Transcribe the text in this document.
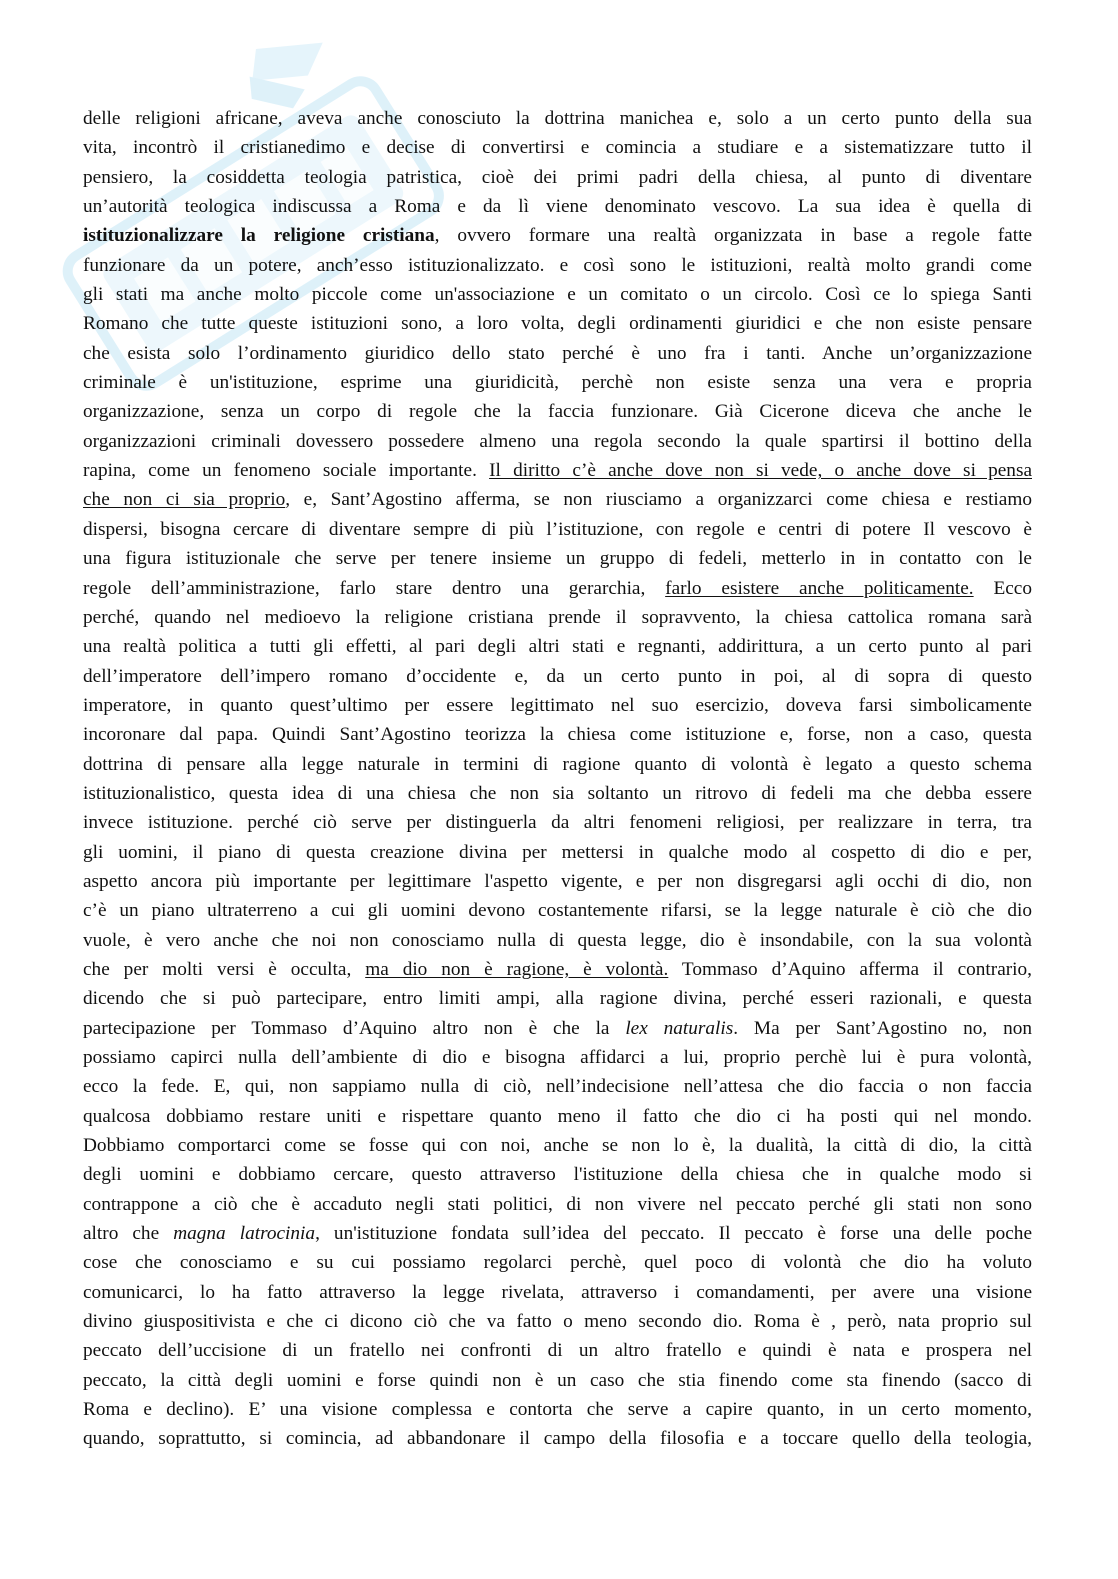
delle religioni africane, aveva anche conosciuto la dottrina manichea e, solo a un certo punto della sua
vita, incontrò il cristianedimo e decise di convertirsi e comincia a studiare e a sistematizzare tutto il
pensiero, la cosiddetta teologia patristica, cioè dei primi padri della chiesa, al punto di diventare
un’autorità teologica indiscussa a Roma e da lì viene denominato vescovo. La sua idea è quella di
istituzionalizzare la religione cristiana, ovvero formare una realtà organizzata in base a regole fatte
funzionare da un potere, anch’esso istituzionalizzato. e così sono le istituzioni, realtà molto grandi come
gli stati ma anche molto piccole come un'associazione e un comitato o un circolo. Così ce lo spiega Santi
Romano che tutte queste istituzioni sono, a loro volta, degli ordinamenti giuridici e che non esiste pensare
che esista solo l’ordinamento giuridico dello stato perché è uno fra i tanti. Anche un’organizzazione
criminale è un'istituzione, esprime una giuridicità, perchè non esiste senza una vera e propria
organizzazione, senza un corpo di regole che la faccia funzionare. Già Cicerone diceva che anche le
organizzazioni criminali dovessero possedere almeno una regola secondo la quale spartirsi il bottino della
rapina, come un fenomeno sociale importante. Il diritto c’è anche dove non si vede, o anche dove si pensa
che non ci sia proprio, e, Sant’Agostino afferma, se non riusciamo a organizzarci come chiesa e restiamo
dispersi, bisogna cercare di diventare sempre di più l’istituzione, con regole e centri di potere Il vescovo è
una figura istituzionale che serve per tenere insieme un gruppo di fedeli, metterlo in in contatto con le
regole dell’amministrazione, farlo stare dentro una gerarchia, farlo esistere anche politicamente. Ecco
perché, quando nel medioevo la religione cristiana prende il sopravvento, la chiesa cattolica romana sarà
una realtà politica a tutti gli effetti, al pari degli altri stati e regnanti, addirittura, a un certo punto al pari
dell’imperatore dell’impero romano d’occidente e, da un certo punto in poi, al di sopra di questo
imperatore, in quanto quest’ultimo per essere legittimato nel suo esercizio, doveva farsi simbolicamente
incoronare dal papa. Quindi Sant’Agostino teorizza la chiesa come istituzione e, forse, non a caso, questa
dottrina di pensare alla legge naturale in termini di ragione quanto di volontà è legato a questo schema
istituzionalistico, questa idea di una chiesa che non sia soltanto un ritrovo di fedeli ma che debba essere
invece istituzione. perché ciò serve per distinguerla da altri fenomeni religiosi, per realizzare in terra, tra
gli uomini, il piano di questa creazione divina per mettersi in qualche modo al cospetto di dio e per,
aspetto ancora più importante per legittimare l'aspetto vigente, e per non disgregarsi agli occhi di dio, non
c’è un piano ultraterreno a cui gli uomini devono costantemente rifarsi, se la legge naturale è ciò che dio
vuole, è vero anche che noi non conosciamo nulla di questa legge, dio è insondabile, con la sua volontà
che per molti versi è occulta, ma dio non è ragione, è volontà. Tommaso d’Aquino afferma il contrario,
dicendo che si può partecipare, entro limiti ampi, alla ragione divina, perché esseri razionali, e questa
partecipazione per Tommaso d’Aquino altro non è che la lex naturalis. Ma per Sant’Agostino no, non
possiamo capirci nulla dell’ambiente di dio e bisogna affidarci a lui, proprio perchè lui è pura volontà,
ecco la fede. E, qui, non sappiamo nulla di ciò, nell’indecisione nell’attesa che dio faccia o non faccia
qualcosa dobbiamo restare uniti e rispettare quanto meno il fatto che dio ci ha posti qui nel mondo.
Dobbiamo comportarci come se fosse qui con noi, anche se non lo è, la dualità, la città di dio, la città
degli uomini e dobbiamo cercare, questo attraverso l'istituzione della chiesa che in qualche modo si
contrappone a ciò che è accaduto negli stati politici, di non vivere nel peccato perché gli stati non sono
altro che magna latrocinia, un'istituzione fondata sull’idea del peccato. Il peccato è forse una delle poche
cose che conosciamo e su cui possiamo regolarci perchè, quel poco di volontà che dio ha voluto
comunicarci, lo ha fatto attraverso la legge rivelata, attraverso i comandamenti, per avere una visione
divino giuspositivista e che ci dicono ciò che va fatto o meno secondo dio. Roma è , però, nata proprio sul
peccato dell’uccisione di un fratello nei confronti di un altro fratello e quindi è nata e prospera nel
peccato, la città degli uomini e forse quindi non è un caso che stia finendo come sta finendo (sacco di
Roma e declino). E’ una visione complessa e contorta che serve a capire quanto, in un certo momento,
quando, soprattutto, si comincia, ad abbandonare il campo della filosofia e a toccare quello della teologia,
